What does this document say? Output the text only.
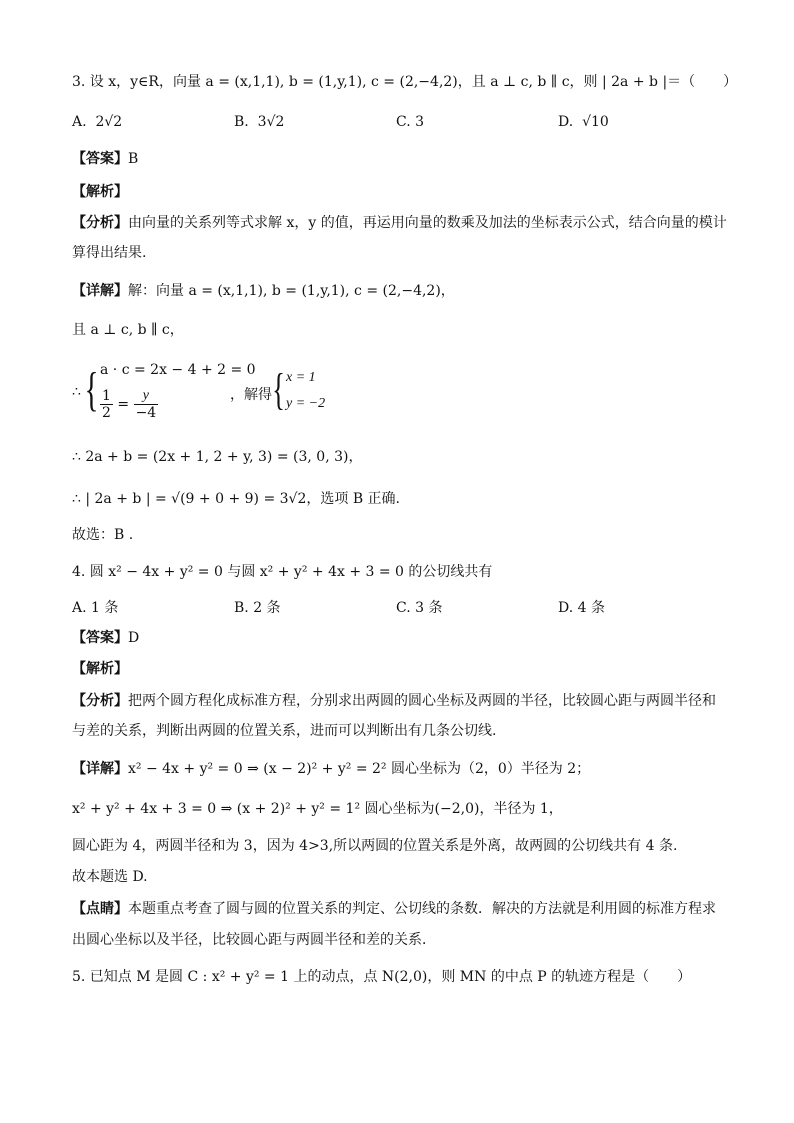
3. 设 x，y∈R，向量 a = (x,1,1), b = (1,y,1), c = (2,−4,2)，且 a ⊥ c, b ∥ c，则 | 2a + b |＝（　　）
A. 2√2	B. 3√2	C. 3	D. √10
【答案】B
【解析】
【分析】由向量的关系列等式求解 x，y 的值，再运用向量的数乘及加法的坐标表示公式，结合向量的模计
算得出结果.
【详解】解：向量 a = (x,1,1), b = (1,y,1), c = (2,−4,2)，
且 a ⊥ c, b ∥ c，
∴ { a · c = 2x − 4 + 2 = 0
$\frac{1}{2} = \frac{y}{-4}$	，解得 { x = 1
y = −2
∴ 2a + b = (2x + 1, 2 + y, 3) = (3, 0, 3)，
∴ | 2a + b | = √(9 + 0 + 9) = 3√2，选项 B 正确.
故选：B .
4. 圆 x² − 4x + y² = 0 与圆 x² + y² + 4x + 3 = 0 的公切线共有
A. 1 条	B. 2 条	C. 3 条	D. 4 条
【答案】D
【解析】
【分析】把两个圆方程化成标准方程，分别求出两圆的圆心坐标及两圆的半径，比较圆心距与两圆半径和
与差的关系，判断出两圆的位置关系，进而可以判断出有几条公切线.
【详解】x² − 4x + y² = 0 ⇒ (x − 2)² + y² = 2² 圆心坐标为（2，0）半径为 2；
x² + y² + 4x + 3 = 0 ⇒ (x + 2)² + y² = 1² 圆心坐标为(−2,0)，半径为 1，
圆心距为 4，两圆半径和为 3，因为 4>3,所以两圆的位置关系是外离，故两圆的公切线共有 4 条.
故本题选 D.
【点睛】本题重点考查了圆与圆的位置关系的判定、公切线的条数．解决的方法就是利用圆的标准方程求
出圆心坐标以及半径，比较圆心距与两圆半径和差的关系．
5. 已知点 M 是圆 C : x² + y² = 1 上的动点，点 N(2,0)，则 MN 的中点 P 的轨迹方程是（　　）
